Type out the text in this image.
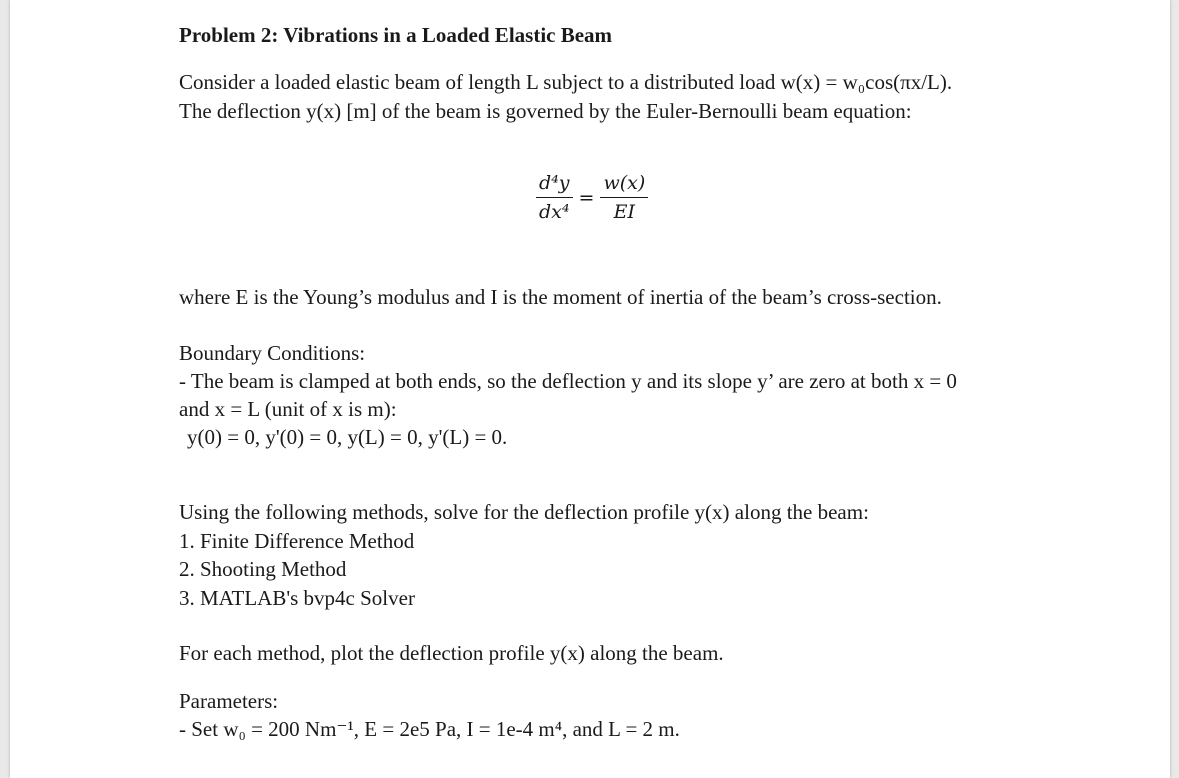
Problem 2: Vibrations in a Loaded Elastic Beam
Consider a loaded elastic beam of length L subject to a distributed load w(x) = w₀cos(πx/L).
The deflection y(x) [m] of the beam is governed by the Euler-Bernoulli beam equation:
$\frac{\text{d⁴y}}{\text{dx⁴}} = \frac{w(x)}{EI}$
where E is the Young’s modulus and I is the moment of inertia of the beam’s cross-section.
Boundary Conditions:
- The beam is clamped at both ends, so the deflection y and its slope y’ are zero at both x = 0
and x = L (unit of x is m):
y(0) = 0, y'(0) = 0, y(L) = 0, y'(L) = 0.
Using the following methods, solve for the deflection profile y(x) along the beam:
1. Finite Difference Method
2. Shooting Method
3. MATLAB's bvp4c Solver
For each method, plot the deflection profile y(x) along the beam.
Parameters:
- Set w₀ = 200 Nm⁻¹, E = 2e5 Pa, I = 1e-4 m⁴, and L = 2 m.
